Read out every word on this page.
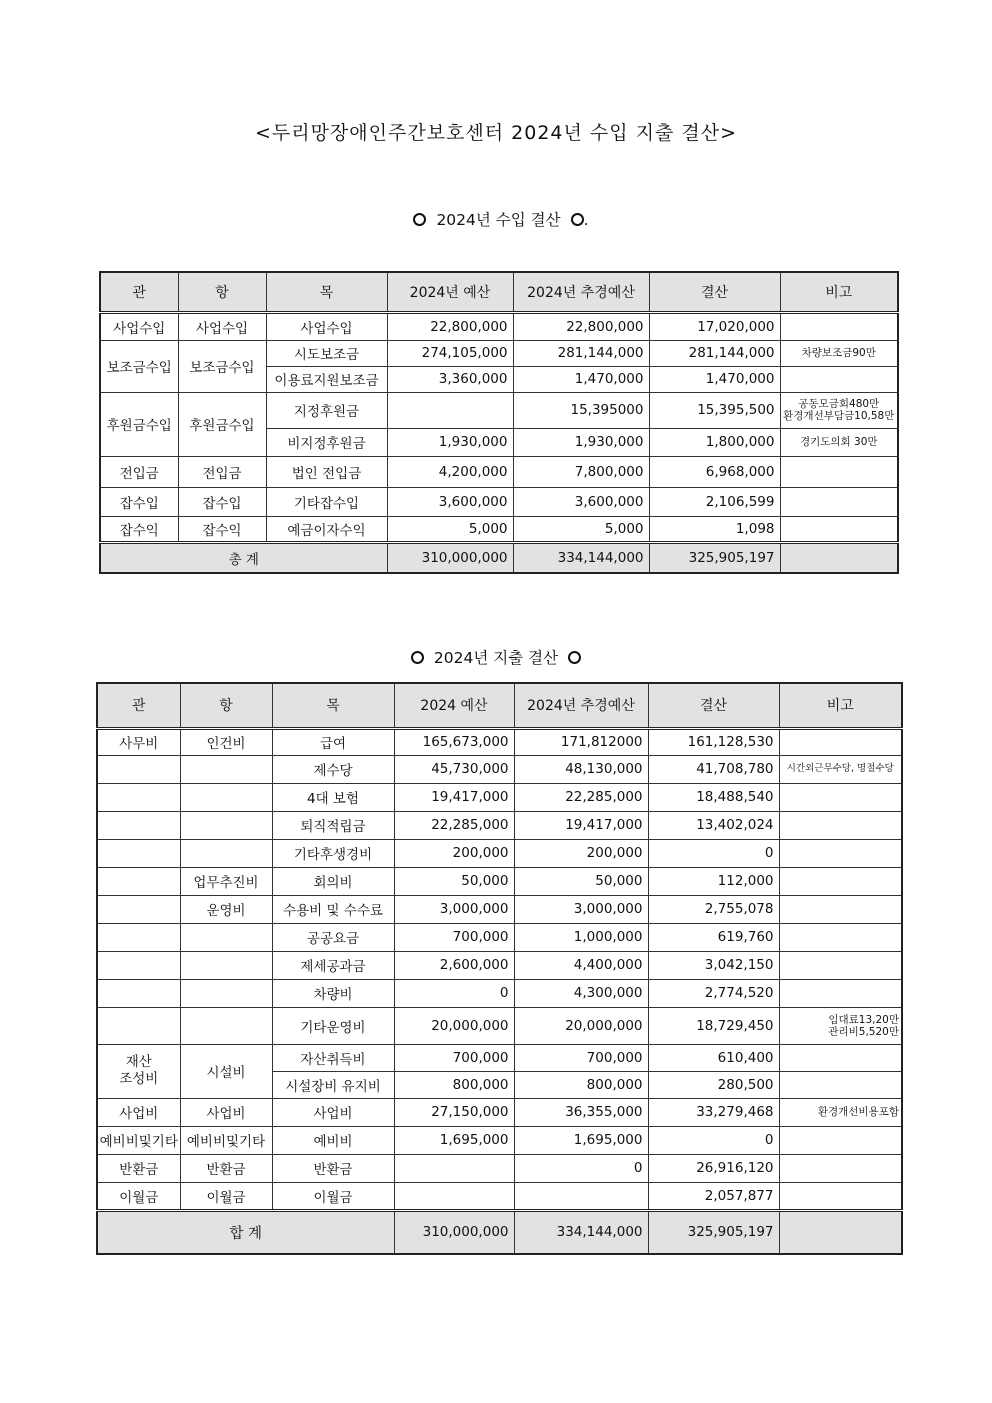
<두리망장애인주간보호센터 2024년 수입 지출 결산>
2024년 수입 결산 .
관	항	목	2024년 예산	2024년 추경예산	결산	비고
사업수입	사업수입	사업수입	22,800,000	22,800,000	17,020,000	
보조금수입	보조금수입	시도보조금	274,105,000	281,144,000	281,144,000	차량보조금90만
		이용료지원보조금	3,360,000	1,470,000	1,470,000	
후원금수입	후원금수입	지정후원금		15,395000	15,395,500	공동모금회480만
환경개선부담금10,58만

		비지정후원금	1,930,000	1,930,000	1,800,000	경기도의회 30만
전입금	전입금	법인 전입금	4,200,000	7,800,000	6,968,000	
잡수입	잡수입	기타잡수입	3,600,000	3,600,000	2,106,599	
잡수익	잡수익	예금이자수익	5,000	5,000	1,098	
총 계			310,000,000	334,144,000	325,905,197	
2024년 지출 결산
관	항	목	2024 예산	2024년 추경예산	결산	비고
사무비	인건비	급여	165,673,000	171,812000	161,128,530	
		제수당	45,730,000	48,130,000	41,708,780	시간외근무수당, 명절수당
		4대 보험	19,417,000	22,285,000	18,488,540	
		퇴직적립금	22,285,000	19,417,000	13,402,024	
		기타후생경비	200,000	200,000	0	
	업무추진비	회의비	50,000	50,000	112,000	
	운영비	수용비 및 수수료	3,000,000	3,000,000	2,755,078	
		공공요금	700,000	1,000,000	619,760	
		제세공과금	2,600,000	4,400,000	3,042,150	
		차량비	0	4,300,000	2,774,520	
		기타운영비	20,000,000	20,000,000	18,729,450	임대료13,20만
관리비5,520만

재산
조성비	시설비	자산취득비	700,000	700,000	610,400	
		시설장비 유지비	800,000	800,000	280,500	
사업비	사업비	사업비	27,150,000	36,355,000	33,279,468	환경개선비용포함
예비비및기타	예비비및기타	예비비	1,695,000	1,695,000	0	
반환금	반환금	반환금		0	26,916,120	
이월금	이월금	이월금			2,057,877	
합 계			310,000,000	334,144,000	325,905,197	
